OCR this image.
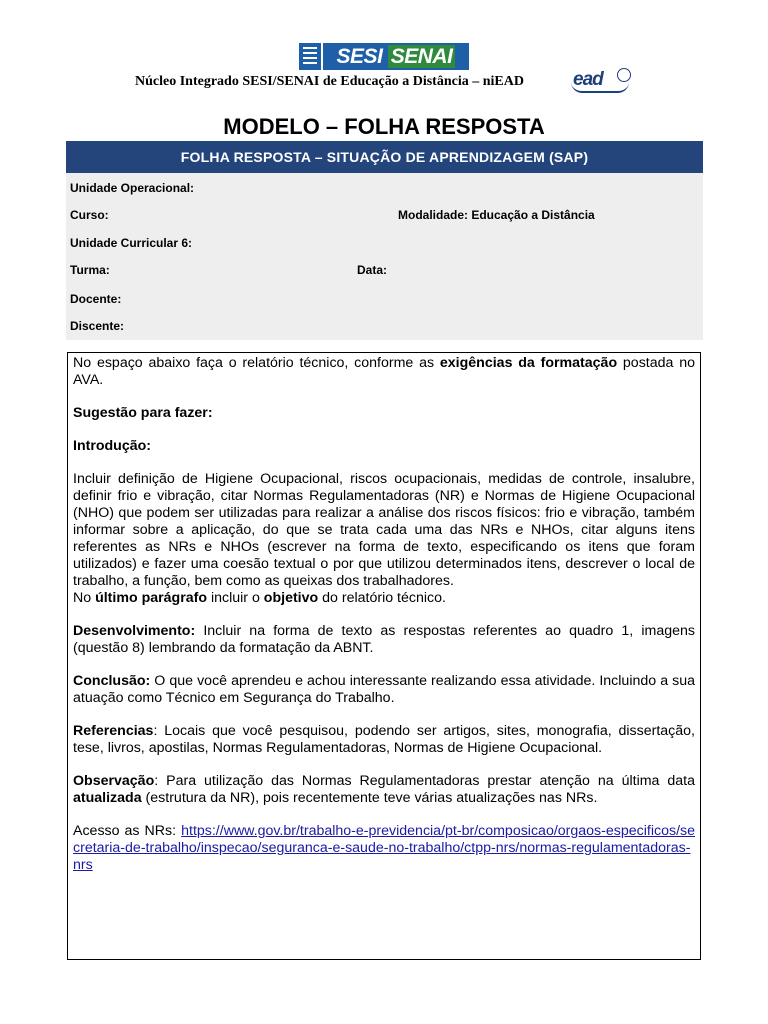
SESI SENAI
Núcleo Integrado SESI/SENAI de Educação a Distância – niEAD	ead
MODELO – FOLHA RESPOSTA
FOLHA RESPOSTA – SITUAÇÃO DE APRENDIZAGEM (SAP)
Unidade Operacional:
Curso:	Modalidade: Educação a Distância
Unidade Curricular 6:
Turma:	Data:
Docente:
Discente:

No espaço abaixo faça o relatório técnico, conforme as exigências da formatação postada no AVA.

Sugestão para fazer:

Introdução:

Incluir definição de Higiene Ocupacional, riscos ocupacionais, medidas de controle, insalubre, definir frio e vibração, citar Normas Regulamentadoras (NR) e Normas de Higiene Ocupacional (NHO) que podem ser utilizadas para realizar a análise dos riscos físicos: frio e vibração, também informar sobre a aplicação, do que se trata cada uma das NRs e NHOs, citar alguns itens referentes as NRs e NHOs (escrever na forma de texto, especificando os itens que foram utilizados) e fazer uma coesão textual o por que utilizou determinados itens, descrever o local de trabalho, a função, bem como as queixas dos trabalhadores.

No último parágrafo incluir o objetivo do relatório técnico.

Desenvolvimento: Incluir na forma de texto as respostas referentes ao quadro 1, imagens (questão 8) lembrando da formatação da ABNT.

Conclusão: O que você aprendeu e achou interessante realizando essa atividade. Incluindo a sua atuação como Técnico em Segurança do Trabalho.

Referencias: Locais que você pesquisou, podendo ser artigos, sites, monografia, dissertação, tese, livros, apostilas, Normas Regulamentadoras, Normas de Higiene Ocupacional.

Observação: Para utilização das Normas Regulamentadoras prestar atenção na última data atualizada (estrutura da NR), pois recentemente teve várias atualizações nas NRs.

Acesso as NRs: https://www.gov.br/trabalho-e-previdencia/pt-br/composicao/orgaos-especificos/secretaria-de-trabalho/inspecao/seguranca-e-saude-no-trabalho/ctpp-nrs/normas-regulamentadoras-nrs
